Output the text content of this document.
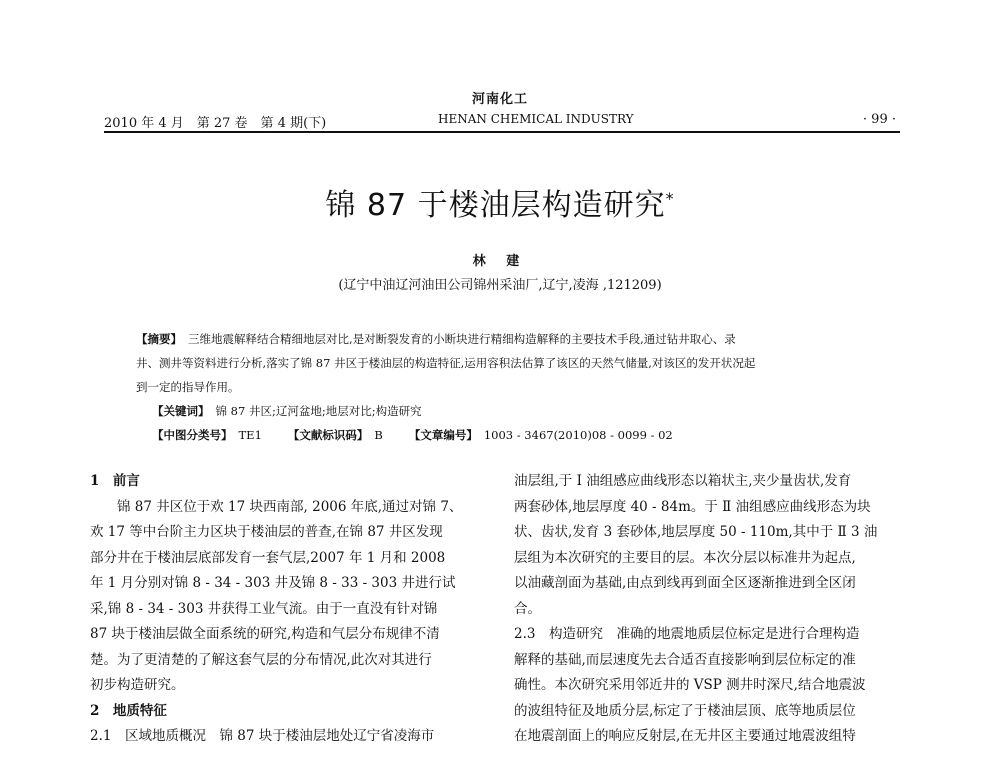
河南化工
2010 年 4 月　第 27 卷　第 4 期(下)	HENAN CHEMICAL INDUSTRY	· 99 ·
锦 87 于楼油层构造研究*
林 建
(辽宁中油辽河油田公司锦州采油厂,辽宁,凌海 ,121209)
【摘要】 三维地震解释结合精细地层对比,是对断裂发育的小断块进行精细构造解释的主要技术手段,通过钻井取心、录
井、测井等资料进行分析,落实了锦 87 井区于楼油层的构造特征,运用容积法估算了该区的天然气储量,对该区的发开状况起
到一定的指导作用。
【关键词】 锦 87 井区;辽河盆地;地层对比;构造研究
【中图分类号】 TE1 【文献标识码】 B 【文章编号】 1003 - 3467(2010)08 - 0099 - 02
1　前言
锦 87 井区位于欢 17 块西南部, 2006 年底,通过对锦 7、
欢 17 等中台阶主力区块于楼油层的普查,在锦 87 井区发现
部分井在于楼油层底部发育一套气层,2007 年 1 月和 2008
年 1 月分别对锦 8 - 34 - 303 井及锦 8 - 33 - 303 井进行试
采,锦 8 - 34 - 303 井获得工业气流。由于一直没有针对锦
87 块于楼油层做全面系统的研究,构造和气层分布规律不清
楚。为了更清楚的了解这套气层的分布情况,此次对其进行
初步构造研究。
2　地质特征
2.1　区域地质概况　锦 87 块于楼油层地处辽宁省凌海市
油层组,于 I 油组感应曲线形态以箱状主,夹少量齿状,发育
两套砂体,地层厚度 40 - 84m。于 Ⅱ 油组感应曲线形态为块
状、齿状,发育 3 套砂体,地层厚度 50 - 110m,其中于 Ⅱ 3 油
层组为本次研究的主要目的层。本次分层以标准井为起点,
以油藏剖面为基础,由点到线再到面全区逐渐推进到全区闭
合。
2.3　构造研究　准确的地震地质层位标定是进行合理构造
解释的基础,而层速度先去合适否直接影响到层位标定的准
确性。本次研究采用邻近井的 VSP 测井时深尺,结合地震波
的波组特征及地质分层,标定了于楼油层顶、底等地质层位
在地震剖面上的响应反射层,在无井区主要通过地震波组特
